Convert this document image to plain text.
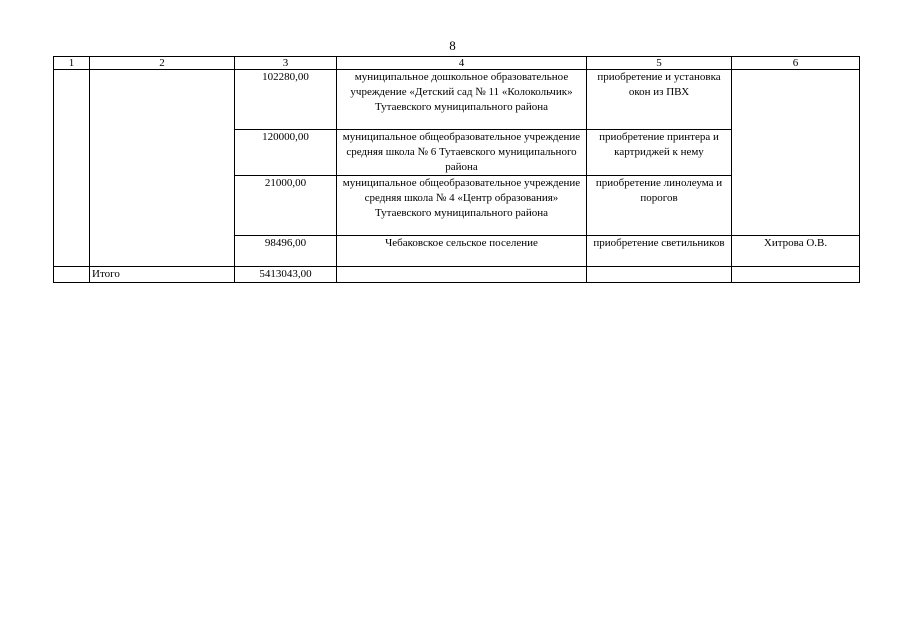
8
1	2	3	4	5	6
		102280,00	муниципальное дошкольное образовательное учреждение «Детский сад № 11 «Колокольчик» Тутаевского муниципального района	приобретение и установка окон из ПВХ	
		120000,00	муниципальное общеобразовательное учреждение средняя школа № 6 Тутаевского муниципального района	приобретение принтера и картриджей к нему	
		21000,00	муниципальное общеобразовательное учреждение средняя школа № 4 «Центр образования» Тутаевского муниципального района	приобретение линолеума и порогов	
		98496,00	Чебаковское сельское поселение	приобретение светильников	Хитрова О.В.
	Итого	5413043,00			
